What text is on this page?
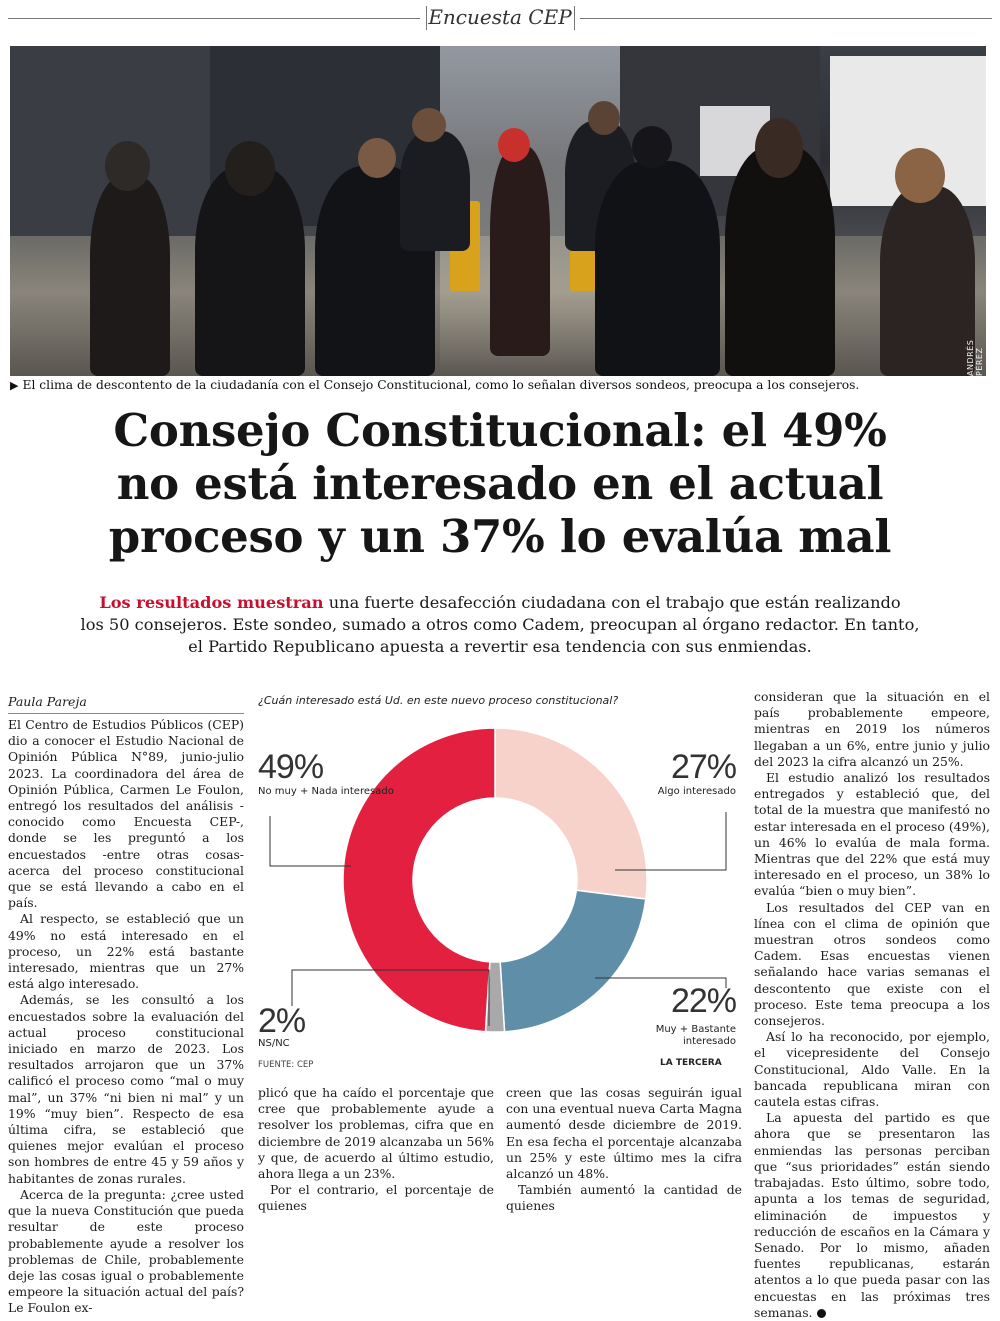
Encuesta CEP
ANDRÉS PÉREZ
▶ El clima de descontento de la ciudadanía con el Consejo Constitucional, como lo señalan diversos sondeos, preocupa a los consejeros.
Consejo Constitucional: el 49%
no está interesado en el actual
proceso y un 37% lo evalúa mal
Los resultados muestran una fuerte desafección ciudadana con el trabajo que están realizando
los 50 consejeros. Este sondeo, sumado a otros como Cadem, preocupan al órgano redactor. En tanto,
el Partido Republicano apuesta a revertir esa tendencia con sus enmiendas.
Paula Pareja

El Centro de Estudios Públicos (CEP) dio a conocer el Estudio Nacional de Opinión Pública N°89, junio-julio 2023. La coordinadora del área de Opinión Pública, Carmen Le Foulon, entregó los resultados del análisis -conocido como Encuesta CEP-, donde se les preguntó a los encuestados -entre otras cosas- acerca del proceso constitucional que se está llevando a cabo en el país.

Al respecto, se estableció que un 49% no está interesado en el proceso, un 22% está bastante interesado, mientras que un 27% está algo interesado.

Además, se les consultó a los encuestados sobre la evaluación del actual proceso constitucional iniciado en marzo de 2023. Los resultados arrojaron que un 37% calificó el proceso como “mal o muy mal”, un 37% “ni bien ni mal” y un 19% “muy bien”. Respecto de esa última cifra, se estableció que quienes mejor evalúan el proceso son hombres de entre 45 y 59 años y habitantes de zonas rurales.

Acerca de la pregunta: ¿cree usted que la nueva Constitución que pueda resultar de este proceso probablemente ayude a resolver los problemas de Chile, probablemente deje las cosas igual o probablemente empeore la situación actual del país? Le Foulon ex-

¿Cuán interesado está Ud. en este nuevo proceso constitucional?
49%
No muy + Nada interesado
27%
Algo interesado
22%
Muy + Bastante interesado
2%
NS/NC
FUENTE: CEP	LA TERCERA

plicó que ha caído el porcentaje que cree que probablemente ayude a resolver los problemas, cifra que en diciembre de 2019 alcanzaba un 56% y que, de acuerdo al último estudio, ahora llega a un 23%.

Por el contrario, el porcentaje de quienes

creen que las cosas seguirán igual con una eventual nueva Carta Magna aumentó desde diciembre de 2019. En esa fecha el porcentaje alcanzaba un 25% y este último mes la cifra alcanzó un 48%.

También aumentó la cantidad de quienes

consideran que la situación en el país probablemente empeore, mientras en 2019 los números llegaban a un 6%, entre junio y julio del 2023 la cifra alcanzó un 25%.

El estudio analizó los resultados entregados y estableció que, del total de la muestra que manifestó no estar interesada en el proceso (49%), un 46% lo evalúa de mala forma. Mientras que del 22% que está muy interesado en el proceso, un 38% lo evalúa “bien o muy bien”.

Los resultados del CEP van en línea con el clima de opinión que muestran otros sondeos como Cadem. Esas encuestas vienen señalando hace varias semanas el descontento que existe con el proceso. Este tema preocupa a los consejeros.

Así lo ha reconocido, por ejemplo, el vicepresidente del Consejo Constitucional, Aldo Valle. En la bancada republicana miran con cautela estas cifras.

La apuesta del partido es que ahora que se presentaron las enmiendas las personas perciban que “sus prioridades” están siendo trabajadas. Esto último, sobre todo, apunta a los temas de seguridad, eliminación de impuestos y reducción de escaños en la Cámara y Senado. Por lo mismo, añaden fuentes republicanas, estarán atentos a lo que pueda pasar con las encuestas en las próximas tres semanas.
